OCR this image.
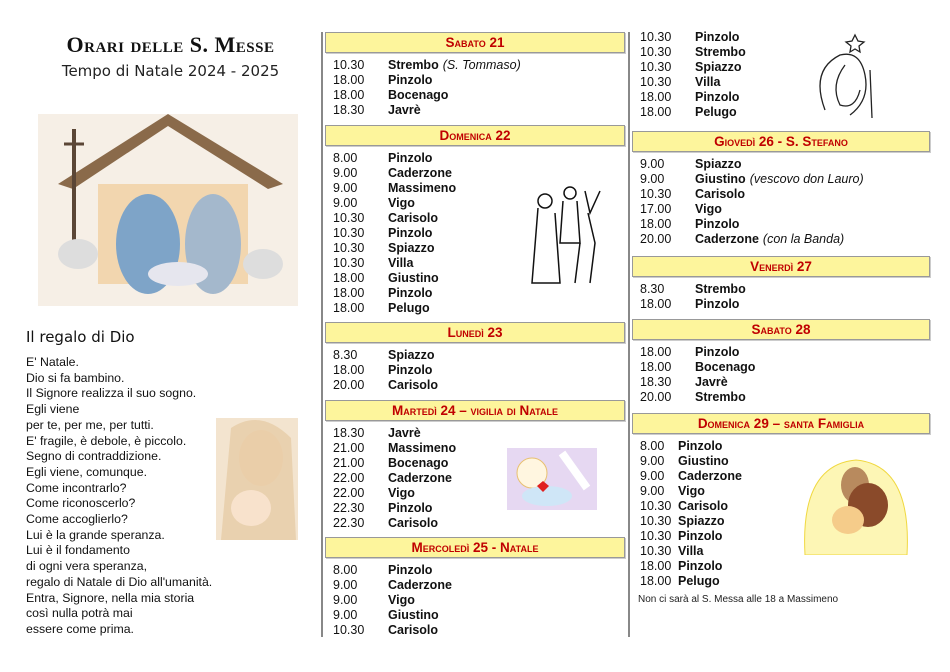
Orari delle S. Messe
Tempo di Natale 2024 - 2025
Il regalo di Dio
E' Natale.
Dio si fa bambino.
Il Signore realizza il suo sogno.
Egli viene
per te, per me, per tutti.
E' fragile, è debole, è piccolo.
Segno di contraddizione.
Egli viene, comunque.
Come incontrarlo?
Come riconoscerlo?
Come accoglierlo?
Lui è la grande speranza.
Lui è il fondamento
di ogni vera speranza,
regalo di Natale di Dio all'umanità.
Entra, Signore, nella mia storia
così nulla potrà mai
essere come prima.
Sabato 21
10.30	Strembo (S. Tommaso)
18.00	Pinzolo
18.00	Bocenago
18.30	Javrè
Domenica 22
8.00	Pinzolo
9.00	Caderzone
9.00	Massimeno
9.00	Vigo
10.30	Carisolo
10.30	Pinzolo
10.30	Spiazzo
10.30	Villa
18.00	Giustino
18.00	Pinzolo
18.00	Pelugo
Lunedì 23
8.30	Spiazzo
18.00	Pinzolo
20.00	Carisolo
Martedì 24 – vigilia di Natale
18.30	Javrè
21.00	Massimeno
21.00	Bocenago
22.00	Caderzone
22.00	Vigo
22.30	Pinzolo
22.30	Carisolo
Mercoledì 25 - Natale
8.00	Pinzolo
9.00	Caderzone
9.00	Vigo
9.00	Giustino
10.30	Carisolo
10.30	Pinzolo
10.30	Strembo
10.30	Spiazzo
10.30	Villa
18.00	Pinzolo
18.00	Pelugo
Giovedì 26 - S. Stefano
9.00	Spiazzo
9.00	Giustino (vescovo don Lauro)
10.30	Carisolo
17.00	Vigo
18.00	Pinzolo
20.00	Caderzone (con la Banda)
Venerdì 27
8.30	Strembo
18.00	Pinzolo
Sabato 28
18.00	Pinzolo
18.00	Bocenago
18.30	Javrè
20.00	Strembo
Domenica 29 – santa Famiglia
8.00	Pinzolo
9.00	Giustino
9.00	Caderzone
9.00	Vigo
10.30 Carisolo
10.30 Spiazzo
10.30 Pinzolo
10.30 Villa
18.00 Pinzolo
18.00 Pelugo
Non ci sarà al S. Messa alle 18 a Massimeno
